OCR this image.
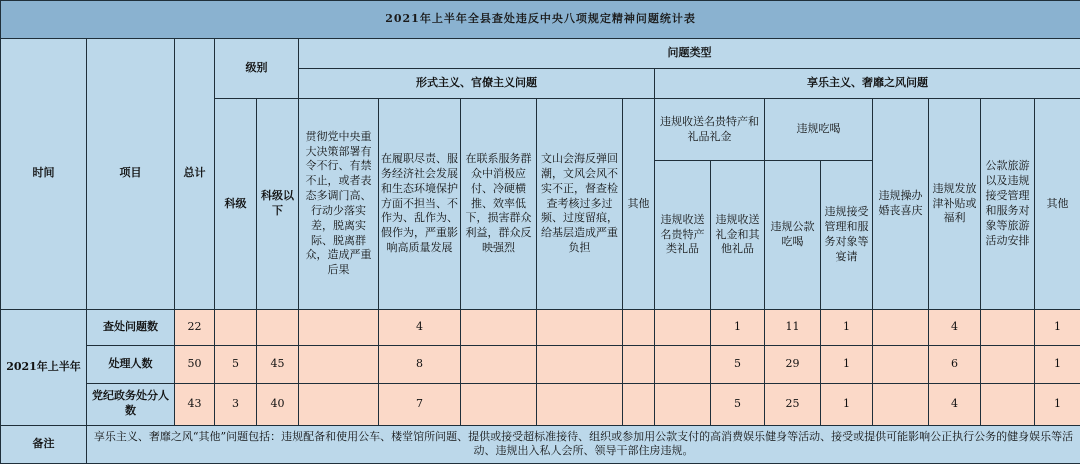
2021年上半年全县查处违反中央八项规定精神问题统计表																	
时间	项目	总计	级别		问题类型												
					形式主义、官僚主义问题					享乐主义、奢靡之风问题							
			科级	科级以下	贯彻党中央重大决策部署有令不行、有禁不止，或者表态多调门高、行动少落实差，脱离实际、脱离群众，造成严重后果	在履职尽责、服务经济社会发展和生态环境保护方面不担当、不作为、乱作为、假作为，严重影响高质量发展	在联系服务群众中消极应付、冷硬横推、效率低下，损害群众利益，群众反映强烈	文山会海反弹回潮，文风会风不实不正，督查检查考核过多过频、过度留痕，给基层造成严重负担	其他	违规收送名贵特产和礼品礼金		违规吃喝		违规操办婚丧喜庆	违规发放津补贴或福利	公款旅游以及违规接受管理和服务对象等旅游活动安排	其他
										违规收送名贵特产类礼品	违规收送礼金和其他礼品	违规公款吃喝	违规接受管理和服务对象等宴请				
2021年上半年	查处问题数	22				4					1	11	1		4		1
	处理人数	50	5	45		8					5	29	1		6		1
	党纪政务处分人数	43	3	40		7					5	25	1		4		1
备注	享乐主义、奢靡之风“其他”问题包括：违规配备和使用公车、楼堂馆所问题、提供或接受超标准接待、组织或参加用公款支付的高消费娱乐健身等活动、接受或提供可能影响公正执行公务的健身娱乐等活动、违规出入私人会所、领导干部住房违规。																
